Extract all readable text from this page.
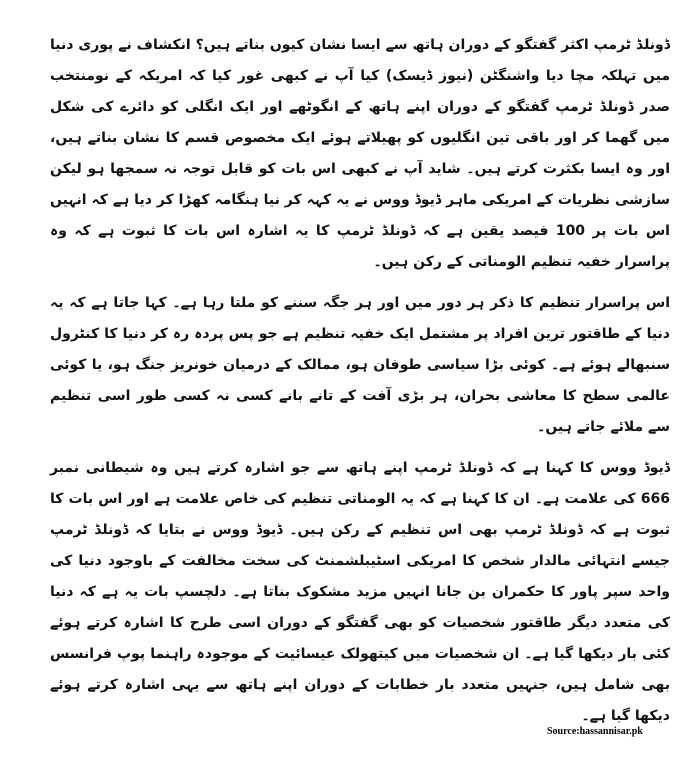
ڈونلڈ ٹرمپ اکثر گفتگو کے دوران ہاتھ سے ایسا نشان کیوں بناتے ہیں؟ انکشاف نے پوری دنیا میں تہلکہ مچا دیا واشنگٹن (نیوز ڈیسک) کیا آپ نے کبھی غور کیا کہ امریکہ کے نومنتخب صدر ڈونلڈ ٹرمپ گفتگو کے دوران اپنے ہاتھ کے انگوٹھے اور ایک انگلی کو دائرے کی شکل میں گھما کر اور باقی تین انگلیوں کو پھیلاتے ہوئے ایک مخصوص قسم کا نشان بناتے ہیں، اور وہ ایسا بکثرت کرتے ہیں۔ شاید آپ نے کبھی اس بات کو قابل توجہ نہ سمجھا ہو لیکن سازشی نظریات کے امریکی ماہر ڈیوڈ ووس نے یہ کہہ کر نیا ہنگامہ کھڑا کر دیا ہے کہ انہیں اس بات پر 100 فیصد یقین ہے کہ ڈونلڈ ٹرمپ کا یہ اشارہ اس بات کا ثبوت ہے کہ وہ پراسرار خفیہ تنظیم الومناتی کے رکن ہیں۔

اس پراسرار تنظیم کا ذکر ہر دور میں اور ہر جگہ سننے کو ملتا رہا ہے۔ کہا جاتا ہے کہ یہ دنیا کے طاقتور ترین افراد پر مشتمل ایک خفیہ تنظیم ہے جو پس پردہ رہ کر دنیا کا کنٹرول سنبھالے ہوئے ہے۔ کوئی بڑا سیاسی طوفان ہو، ممالک کے درمیان خونریز جنگ ہو، یا کوئی عالمی سطح کا معاشی بحران، ہر بڑی آفت کے تانے بانے کسی نہ کسی طور اسی تنظیم سے ملائے جاتے ہیں۔

ڈیوڈ ووس کا کہنا ہے کہ ڈونلڈ ٹرمپ اپنے ہاتھ سے جو اشارہ کرتے ہیں وہ شیطانی نمبر 666 کی علامت ہے۔ ان کا کہنا ہے کہ یہ الومناتی تنظیم کی خاص علامت ہے اور اس بات کا ثبوت ہے کہ ڈونلڈ ٹرمپ بھی اس تنظیم کے رکن ہیں۔ ڈیوڈ ووس نے بتایا کہ ڈونلڈ ٹرمپ جیسے انتہائی مالدار شخص کا امریکی اسٹیبلشمنٹ کی سخت مخالفت کے باوجود دنیا کی واحد سپر پاور کا حکمران بن جانا انہیں مزید مشکوک بناتا ہے۔ دلچسپ بات یہ ہے کہ دنیا کی متعدد دیگر طاقتور شخصیات کو بھی گفتگو کے دوران اسی طرح کا اشارہ کرتے ہوئے کئی بار دیکھا گیا ہے۔ ان شخصیات میں کیتھولک عیسائیت کے موجودہ راہنما پوپ فرانسس بھی شامل ہیں، جنہیں متعدد بار خطابات کے دوران اپنے ہاتھ سے یہی اشارہ کرتے ہوئے دیکھا گیا ہے۔

Source:hassannisar.pk
